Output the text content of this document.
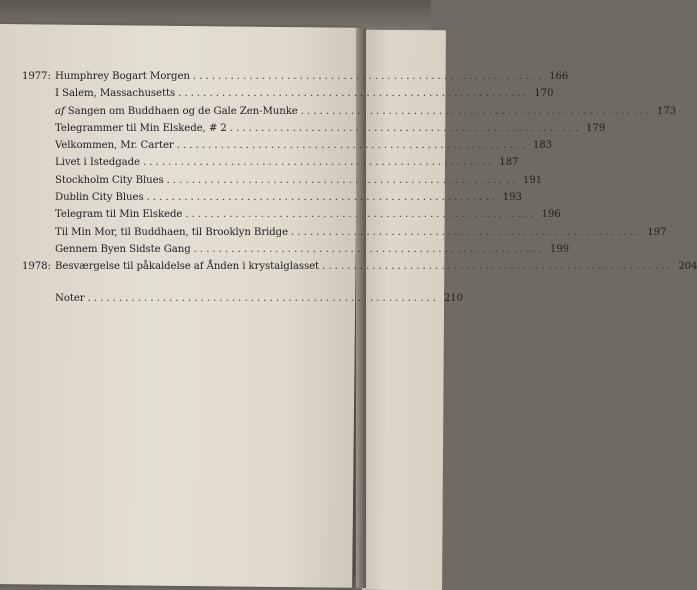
1977: Humphrey Bogart Morgen . . . . . . . . . . . . . . . . . . . . . . . . . . . . . . . . . . . . . . . . . . . . . . . . . . . . . . . . 166
I Salem, Massachusetts . . . . . . . . . . . . . . . . . . . . . . . . . . . . . . . . . . . . . . . . . . . . . . . . . . . . . . . . 170
af Sangen om Buddhaen og de Gale Zen-Munke . . . . . . . . . . . . . . . . . . . . . . . . . . . . . . . . . . . . . . . . . . . . . . . . . . . . . . . . 173
Telegrammer til Min Elskede, # 2 . . . . . . . . . . . . . . . . . . . . . . . . . . . . . . . . . . . . . . . . . . . . . . . . . . . . . . . . 179
Velkommen, Mr. Carter . . . . . . . . . . . . . . . . . . . . . . . . . . . . . . . . . . . . . . . . . . . . . . . . . . . . . . . . 183
Livet i Istedgade . . . . . . . . . . . . . . . . . . . . . . . . . . . . . . . . . . . . . . . . . . . . . . . . . . . . . . . . 187
Stockholm City Blues . . . . . . . . . . . . . . . . . . . . . . . . . . . . . . . . . . . . . . . . . . . . . . . . . . . . . . . . 191
Dublin City Blues . . . . . . . . . . . . . . . . . . . . . . . . . . . . . . . . . . . . . . . . . . . . . . . . . . . . . . . . 193
Telegram til Min Elskede . . . . . . . . . . . . . . . . . . . . . . . . . . . . . . . . . . . . . . . . . . . . . . . . . . . . . . . . 196
Til Min Mor, til Buddhaen, til Brooklyn Bridge . . . . . . . . . . . . . . . . . . . . . . . . . . . . . . . . . . . . . . . . . . . . . . . . . . . . . . . . 197
Gennem Byen Sidste Gang . . . . . . . . . . . . . . . . . . . . . . . . . . . . . . . . . . . . . . . . . . . . . . . . . . . . . . . . 199
1978: Besværgelse til påkaldelse af Ånden i krystalglasset . . . . . . . . . . . . . . . . . . . . . . . . . . . . . . . . . . . . . . . . . . . . . . . . . . . . . . . . 204
Noter . . . . . . . . . . . . . . . . . . . . . . . . . . . . . . . . . . . . . . . . . . . . . . . . . . . . . . . . 210
